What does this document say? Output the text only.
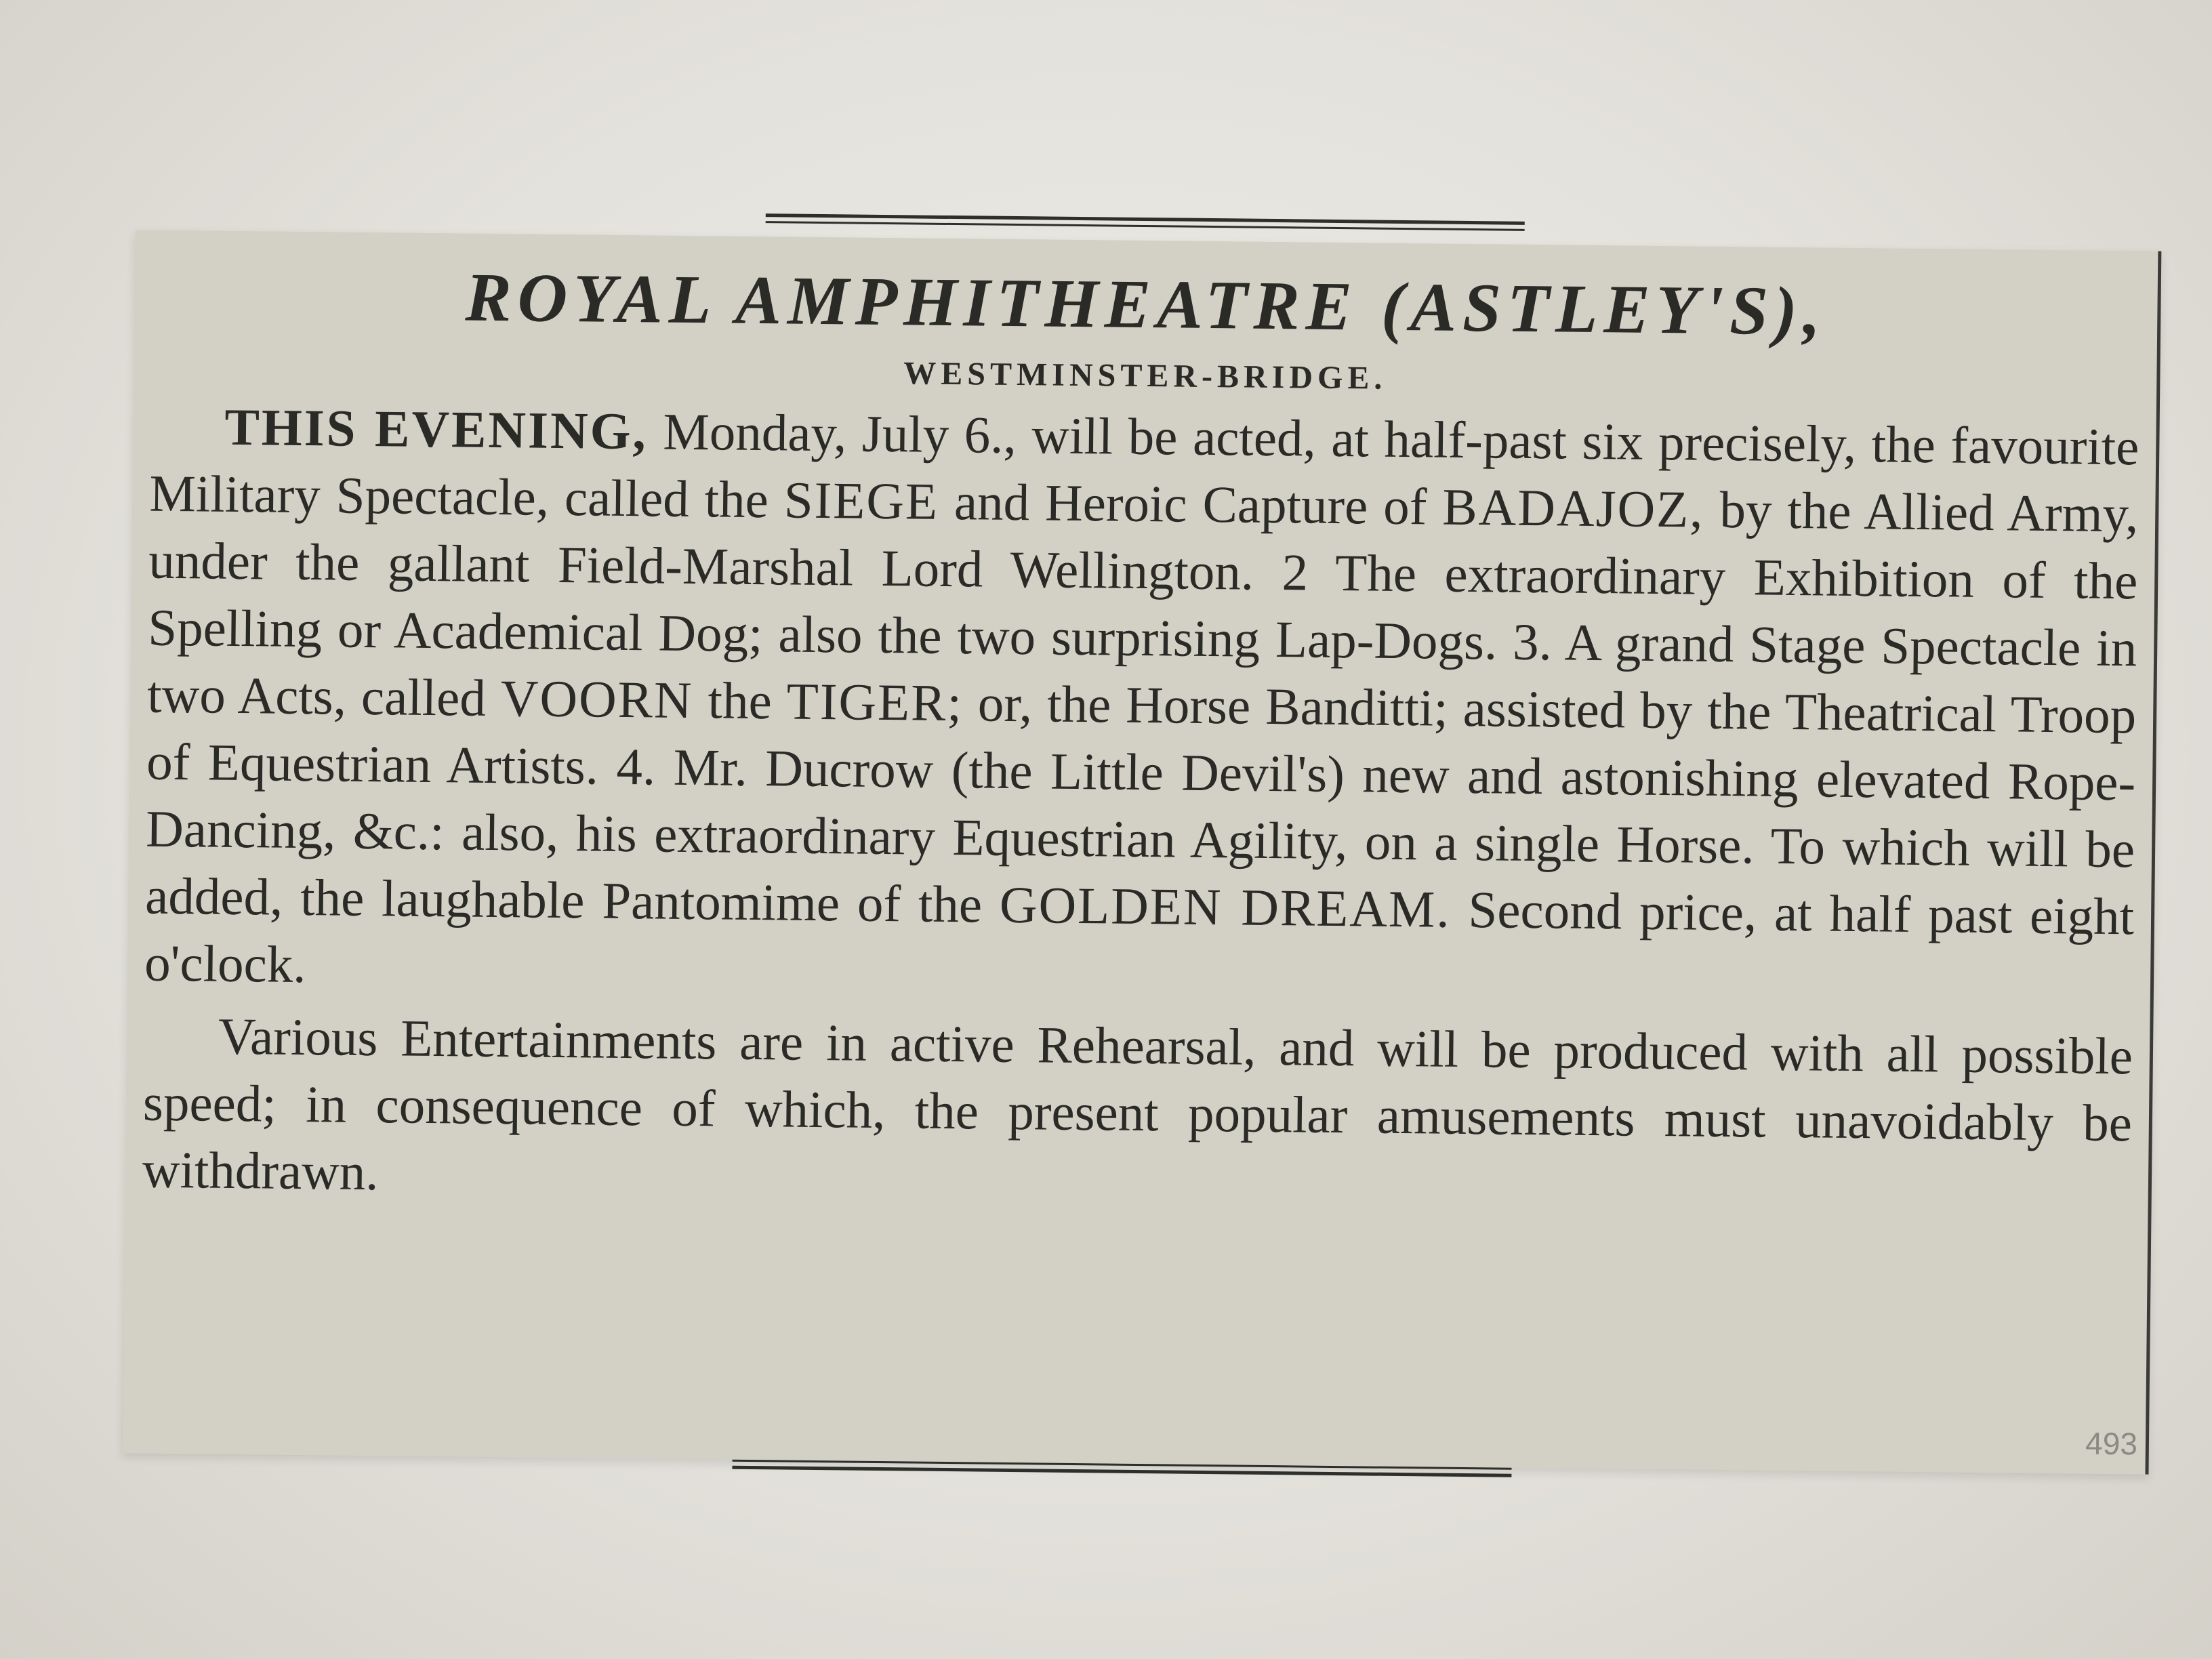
ROYAL AMPHITHEATRE (ASTLEY'S),
WESTMINSTER-BRIDGE.

THIS EVENING, Monday, July 6., will be acted, at half-past six precisely, the favourite Military Spectacle, called the SIEGE and Heroic Capture of BADAJOZ, by the Allied Army, under the gallant Field-Marshal Lord Wellington. 2 The extraordinary Exhibition of the Spelling or Academical Dog; also the two surprising Lap-Dogs. 3. A grand Stage Spectacle in two Acts, called VOORN the TIGER; or, the Horse Banditti; assisted by the Theatrical Troop of Equestrian Artists. 4. Mr. Ducrow (the Little Devil's) new and astonishing elevated Rope-Dancing, &c.: also, his extraordinary Equestrian Agility, on a single Horse. To which will be added, the laughable Pantomime of the GOLDEN DREAM. Second price, at half past eight o'clock.

Various Entertainments are in active Rehearsal, and will be produced with all possible speed; in consequence of which, the present popular amusements must unavoidably be withdrawn.

493
